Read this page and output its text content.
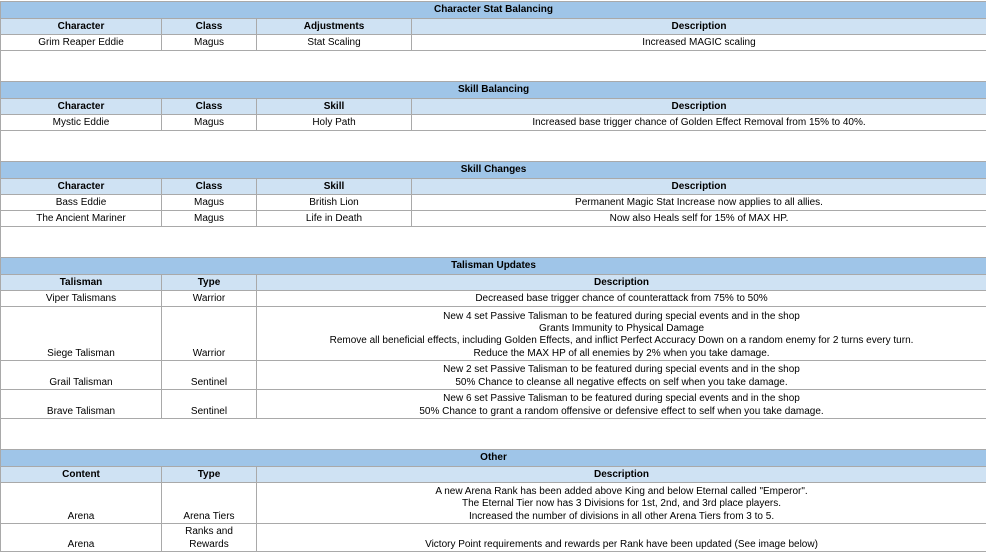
Character Stat Balancing			
Character	Class	Adjustments	Description
Grim Reaper Eddie	Magus	Stat Scaling	Increased MAGIC scaling

Skill Balancing			
Character	Class	Skill	Description
Mystic Eddie	Magus	Holy Path	Increased base trigger chance of Golden Effect Removal from 15% to 40%.

Skill Changes			
Character	Class	Skill	Description
Bass Eddie	Magus	British Lion	Permanent Magic Stat Increase now applies to all allies.
The Ancient Mariner	Magus	Life in Death	Now also Heals self for 15% of MAX HP.

Talisman Updates		
Talisman	Type	Description
Viper Talismans	Warrior	Decreased base trigger chance of counterattack from 75% to 50%
Siege Talisman	Warrior	New 4 set Passive Talisman to be featured during special events and in the shop
Grants Immunity to Physical Damage
Remove all beneficial effects, including Golden Effects, and inflict Perfect Accuracy Down on a random enemy for 2 turns every turn.
Reduce the MAX HP of all enemies by 2% when you take damage.

Grail Talisman	Sentinel	New 2 set Passive Talisman to be featured during special events and in the shop
50% Chance to cleanse all negative effects on self when you take damage.

Brave Talisman	Sentinel	New 6 set Passive Talisman to be featured during special events and in the shop
50% Chance to grant a random offensive or defensive effect to self when you take damage.

Other		
Content	Type	Description
Arena	Arena Tiers	A new Arena Rank has been added above King and below Eternal called "Emperor".
The Eternal Tier now has 3 Divisions for 1st, 2nd, and 3rd place players.
Increased the number of divisions in all other Arena Tiers from 3 to 5.

Arena	Ranks and
Rewards	Victory Point requirements and rewards per Rank have been updated (See image below)
